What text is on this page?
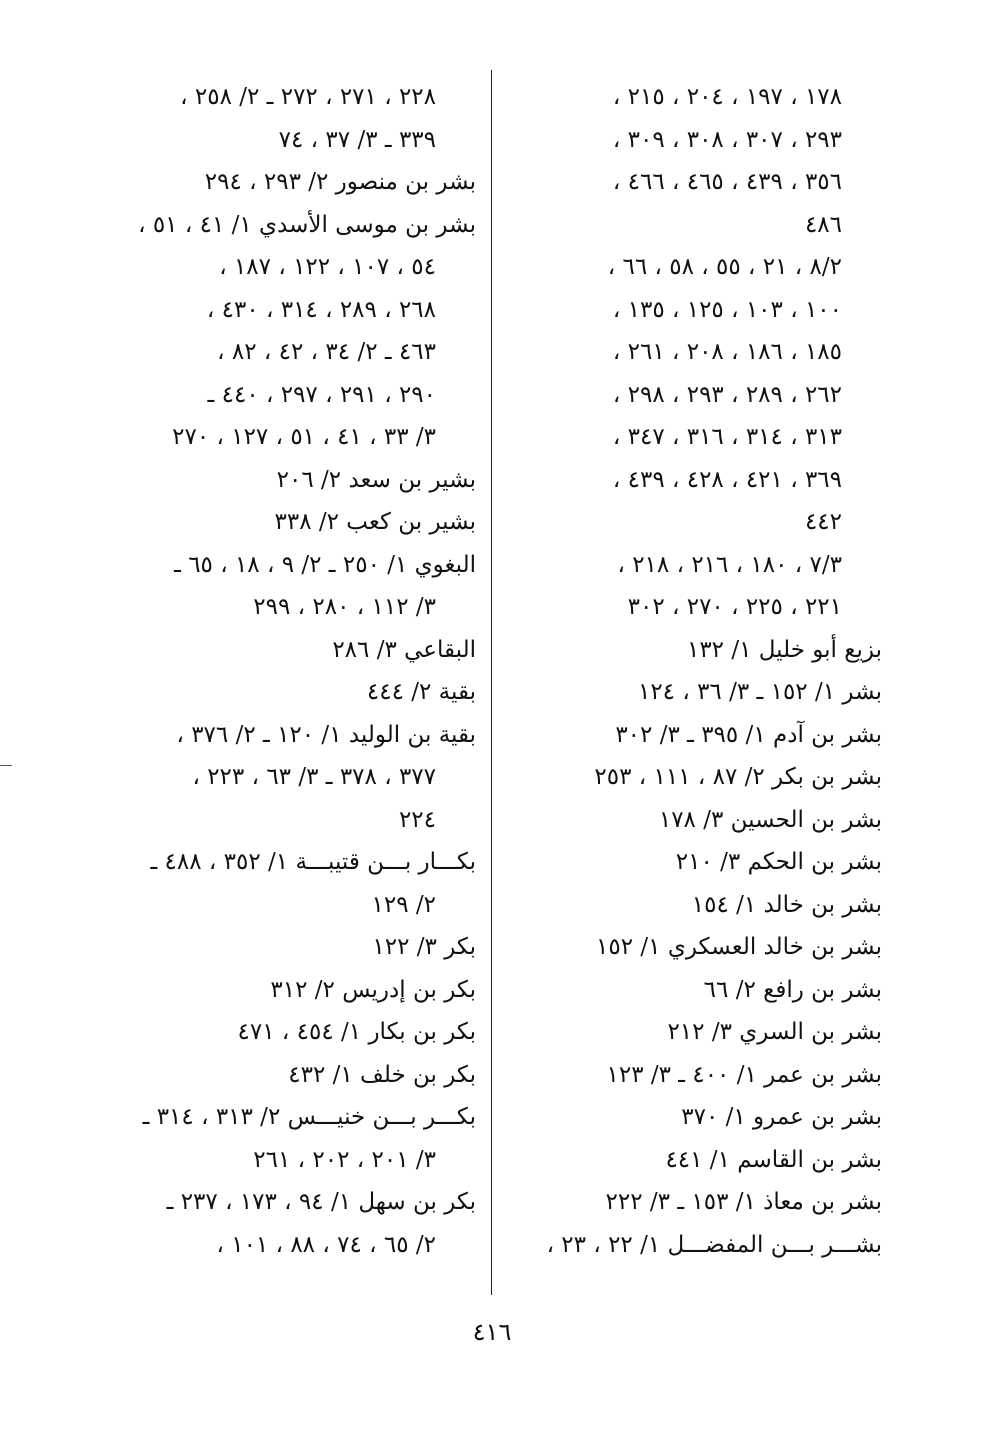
١٧٨ ، ١٩٧ ، ٢٠٤ ، ٢١٥ ،
٢٩٣ ، ٣٠٧ ، ٣٠٨ ، ٣٠٩ ،
٣٥٦ ، ٤٣٩ ، ٤٦٥ ، ٤٦٦ ،
٤٨٦
٨/٢ ، ٢١ ، ٥٥ ، ٥٨ ، ٦٦ ،
١٠٠ ، ١٠٣ ، ١٢٥ ، ١٣٥ ،
١٨٥ ، ١٨٦ ، ٢٠٨ ، ٢٦١ ،
٢٦٢ ، ٢٨٩ ، ٢٩٣ ، ٢٩٨ ،
٣١٣ ، ٣١٤ ، ٣١٦ ، ٣٤٧ ،
٣٦٩ ، ٤٢١ ، ٤٢٨ ، ٤٣٩ ،
٤٤٢
٧/٣ ، ١٨٠ ، ٢١٦ ، ٢١٨ ،
٢٢١ ، ٢٢٥ ، ٢٧٠ ، ٣٠٢
بزيع أبو خليل ١/ ١٣٢
بشر ١/ ١٥٢ ـ ٣/ ٣٦ ، ١٢٤
بشر بن آدم ١/ ٣٩٥ ـ ٣/ ٣٠٢
بشر بن بكر ٢/ ٨٧ ، ١١١ ، ٢٥٣
بشر بن الحسين ٣/ ١٧٨
بشر بن الحكم ٣/ ٢١٠
بشر بن خالد ١/ ١٥٤
بشر بن خالد العسكري ١/ ١٥٢
بشر بن رافع ٢/ ٦٦
بشر بن السري ٣/ ٢١٢
بشر بن عمر ١/ ٤٠٠ ـ ٣/ ١٢٣
بشر بن عمرو ١/ ٣٧٠
بشر بن القاسم ١/ ٤٤١
بشر بن معاذ ١/ ١٥٣ ـ ٣/ ٢٢٢
بشـــر بـــن المفضـــل ١/ ٢٢ ، ٢٣ ،
٢٢٨ ، ٢٧١ ، ٢٧٢ ـ ٢/ ٢٥٨ ،
٣٣٩ ـ ٣/ ٣٧ ، ٧٤
بشر بن منصور ٢/ ٢٩٣ ، ٢٩٤
بشر بن موسى الأسدي ١/ ٤١ ، ٥١ ،
٥٤ ، ١٠٧ ، ١٢٢ ، ١٨٧ ،
٢٦٨ ، ٢٨٩ ، ٣١٤ ، ٤٣٠ ،
٤٦٣ ـ ٢/ ٣٤ ، ٤٢ ، ٨٢ ،
٢٩٠ ، ٢٩١ ، ٢٩٧ ، ٤٤٠ ـ
٣/ ٣٣ ، ٤١ ، ٥١ ، ١٢٧ ، ٢٧٠
بشير بن سعد ٢/ ٢٠٦
بشير بن كعب ٢/ ٣٣٨
البغوي ١/ ٢٥٠ ـ ٢/ ٩ ، ١٨ ، ٦٥ ـ
٣/ ١١٢ ، ٢٨٠ ، ٢٩٩
البقاعي ٣/ ٢٨٦
بقية ٢/ ٤٤٤
بقية بن الوليد ١/ ١٢٠ ـ ٢/ ٣٧٦ ،
٣٧٧ ، ٣٧٨ ـ ٣/ ٦٣ ، ٢٢٣ ،
٢٢٤
بكـــار بـــن قتيبـــة ١/ ٣٥٢ ، ٤٨٨ ـ
٢/ ١٢٩
بكر ٣/ ١٢٢
بكر بن إدريس ٢/ ٣١٢
بكر بن بكار ١/ ٤٥٤ ، ٤٧١
بكر بن خلف ١/ ٤٣٢
بكـــر بـــن خنيـــس ٢/ ٣١٣ ، ٣١٤ ـ
٣/ ٢٠١ ، ٢٠٢ ، ٢٦١
بكر بن سهل ١/ ٩٤ ، ١٧٣ ، ٢٣٧ ـ
٢/ ٦٥ ، ٧٤ ، ٨٨ ، ١٠١ ،
٤١٦
